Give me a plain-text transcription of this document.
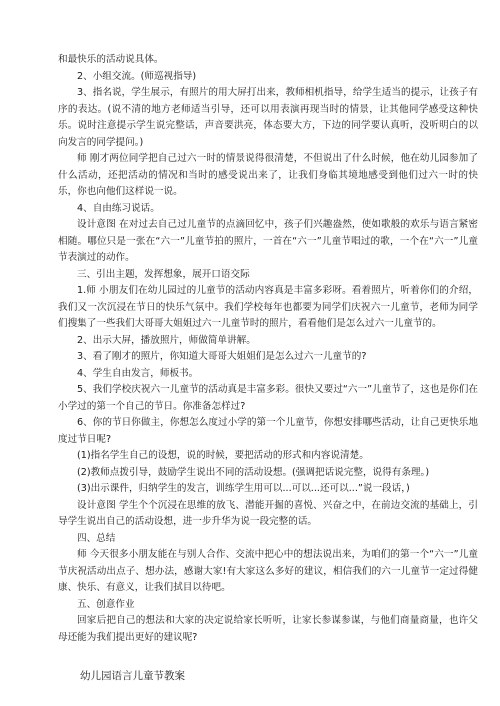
和最快乐的活动说具体。

2、小组交流。(师巡视指导)

3、指名说，学生展示，有照片的用大屏打出来，教师相机指导，给学生适当的提示，让孩子有序的表达。(说不清的地方老师适当引导，还可以用表演再现当时的情景，让其他同学感受这种快乐。说时注意提示学生说完整话，声音要洪亮，体态要大方，下边的同学要认真听，没听明白的以向发言的同学提问。)

师 刚才两位同学把自己过六一时的情景说得很清楚，不但说出了什么时候，他在幼儿园参加了什么活动，还把活动的情况和当时的感受说出来了，让我们身临其境地感受到他们过六一时的快乐，你也向他们这样说一说。

4、自由练习说话。

设计意图 在对过去自己过儿童节的点滴回忆中，孩子们兴趣盎然，使如歌般的欢乐与语言紧密相随。哪位只是一张在“六一”儿童节拍的照片，一首在“六一”儿童节唱过的歌，一个在“六一”儿童节表演过的动作。

三、引出主题，发挥想象，展开口语交际

1.师 小朋友们在幼儿园过的儿童节的活动内容真是丰富多彩呀。看着照片，听着你们的介绍，我们又一次沉浸在节日的快乐气氛中。我们学校每年也都要为同学们庆祝六一儿童节，老师为同学们搜集了一些我们大哥哥大姐姐过六一儿童节时的照片，看看他们是怎么过六一儿童节的。

2、出示大屏，播放照片，师做简单讲解。

3、看了刚才的照片，你知道大哥哥大姐姐们是怎么过六一儿童节的?

4、学生自由发言，师板书。

5、我们学校庆祝六一儿童节的活动真是丰富多彩。很快又要过“六一”儿童节了，这也是你们在小学过的第一个自己的节日。你准备怎样过?

6、你的节日你做主，你想怎么度过小学的第一个儿童节，你想安排哪些活动，让自己更快乐地度过节日呢?

(1)指名学生自己的设想，说的时候，要把活动的形式和内容说清楚。

(2)教师点拨引导，鼓励学生说出不同的活动设想。(强调把话说完整，说得有条理。)

(3)出示课件，归纳学生的发言，训练学生用可以...可以...还可以...”说一段话，)

设计意图 学生个个沉浸在思维的放飞、潜能开掘的喜悦、兴奋之中，在前边交流的基础上，引导学生说出自己的活动设想，进一步升华为说一段完整的话。

四、总结

师 今天很多小朋友能在与别人合作、交流中把心中的想法说出来，为咱们的第一个“六一”儿童节庆祝活动出点子、想办法，感谢大家!有大家这么多好的建议，相信我们的六一儿童节一定过得健康、快乐、有意义，让我们拭目以待吧。

五、创意作业

回家后把自己的想法和大家的决定说给家长听听，让家长参谋参谋，与他们商量商量，也许父母还能为我们提出更好的建议呢?

幼儿园语言儿童节教案
